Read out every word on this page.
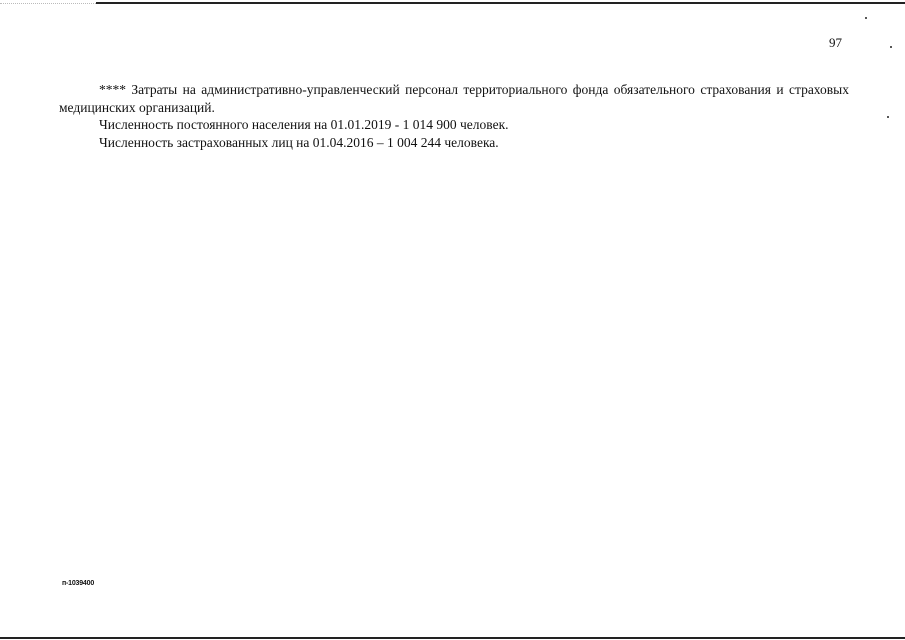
97

**** Затраты на административно-управленческий персонал территориального фонда обязательного страхования и страховых медицинских организаций.

Численность постоянного населения на 01.01.2019 - 1 014 900 человек.

Численность застрахованных лиц на 01.04.2016 – 1 004 244 человека.

п-1039400
